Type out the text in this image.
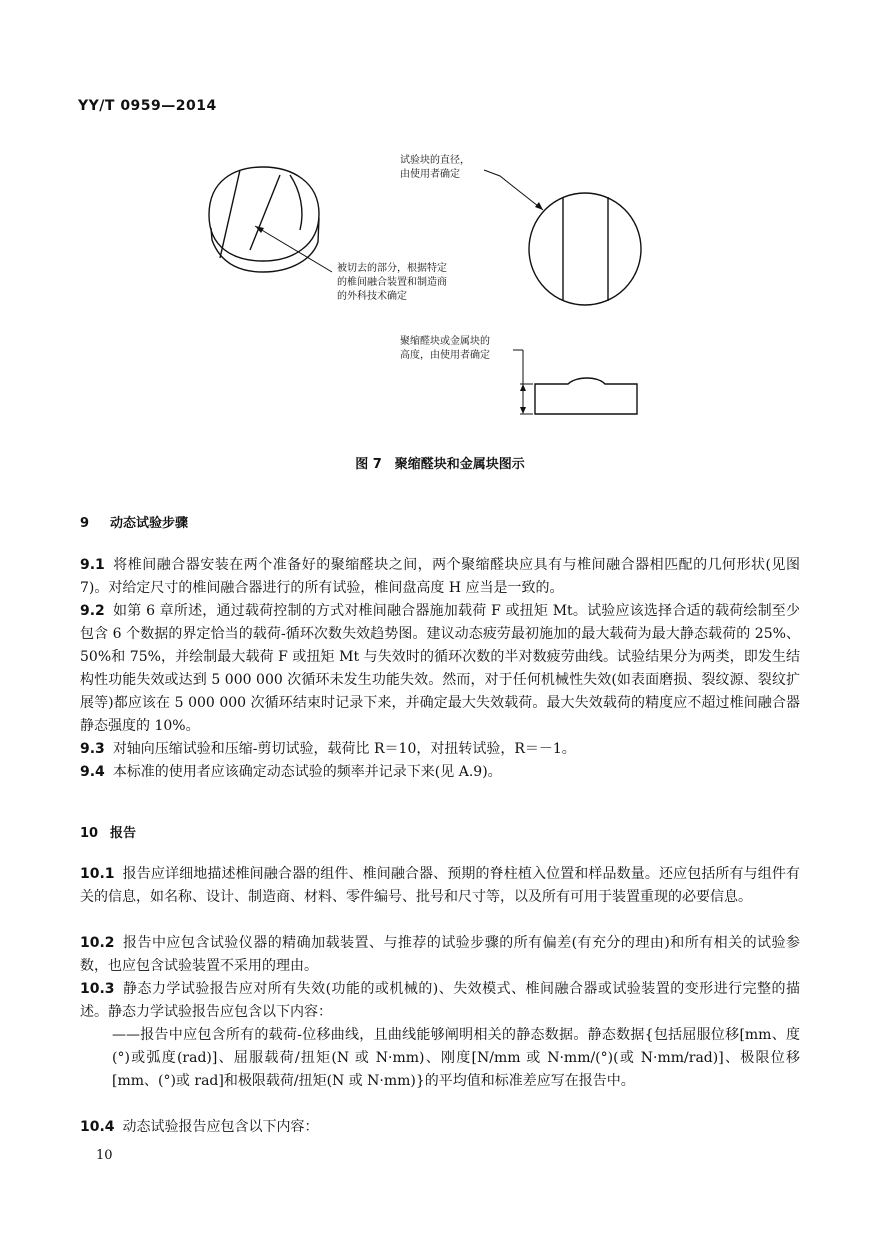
YY/T 0959—2014
试验块的直径，
由使用者确定
被切去的部分，根据特定
的椎间融合装置和制造商
的外科技术确定
聚缩醛块或金属块的
高度，由使用者确定
图 7　聚缩醛块和金属块图示
9 动态试验步骤
9.1 将椎间融合器安装在两个准备好的聚缩醛块之间，两个聚缩醛块应具有与椎间融合器相匹配的几何形状(见图 7)。对给定尺寸的椎间融合器进行的所有试验，椎间盘高度 H 应当是一致的。
9.2 如第 6 章所述，通过载荷控制的方式对椎间融合器施加载荷 F 或扭矩 Mt。试验应该选择合适的载荷绘制至少包含 6 个数据的界定恰当的载荷-循环次数失效趋势图。建议动态疲劳最初施加的最大载荷为最大静态载荷的 25%、50%和 75%，并绘制最大载荷 F 或扭矩 Mt 与失效时的循环次数的半对数疲劳曲线。试验结果分为两类，即发生结构性功能失效或达到 5 000 000 次循环未发生功能失效。然而，对于任何机械性失效(如表面磨损、裂纹源、裂纹扩展等)都应该在 5 000 000 次循环结束时记录下来，并确定最大失效载荷。最大失效载荷的精度应不超过椎间融合器静态强度的 10%。
9.3 对轴向压缩试验和压缩-剪切试验，载荷比 R＝10，对扭转试验，R＝－1。
9.4 本标准的使用者应该确定动态试验的频率并记录下来(见 A.9)。
10 报告
10.1 报告应详细地描述椎间融合器的组件、椎间融合器、预期的脊柱植入位置和样品数量。还应包括所有与组件有关的信息，如名称、设计、制造商、材料、零件编号、批号和尺寸等，以及所有可用于装置重现的必要信息。
10.2 报告中应包含试验仪器的精确加载装置、与推荐的试验步骤的所有偏差(有充分的理由)和所有相关的试验参数，也应包含试验装置不采用的理由。
10.3 静态力学试验报告应对所有失效(功能的或机械的)、失效模式、椎间融合器或试验装置的变形进行完整的描述。静态力学试验报告应包含以下内容：
——报告中应包含所有的载荷-位移曲线，且曲线能够阐明相关的静态数据。静态数据{包括屈服位移[mm、度(°)或弧度(rad)]、屈服载荷/扭矩(N 或 N·mm)、刚度[N/mm 或 N·mm/(°)(或 N·mm/rad)]、极限位移[mm、(°)或 rad]和极限载荷/扭矩(N 或 N·mm)}的平均值和标准差应写在报告中。
10.4 动态试验报告应包含以下内容：
10
